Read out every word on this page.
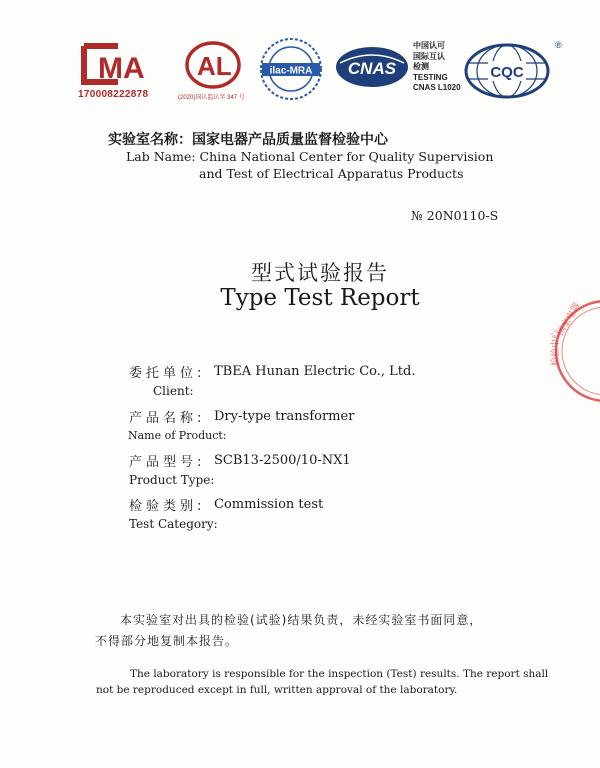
MA
170008222878	(2020)国认监认字 347 号
AL	ilac-MRA CNAS
中国认可
国际互认
检测
TESTING
CNAS L1020
CQC
®
实验室名称：国家电器产品质量监督检验中心
Lab Name: China National Center for Quality Supervision
and Test of Electrical Apparatus Products
№ 20N0110-S
型式试验报告
Type Test Report
委托单位: TBEA Hunan Electric Co., Ltd.
Client:
产品名称: Dry-type transformer
Name of Product:
产品型号: SCB13-2500/10-NX1
Product Type:
检验类别: Commission test
Test Category:
国家电器
检验中心
本实验室对出具的检验(试验)结果负责，未经实验室书面同意，
不得部分地复制本报告。
The laboratory is responsible for the inspection (Test) results. The report shall
not be reproduced except in full, written approval of the laboratory.
